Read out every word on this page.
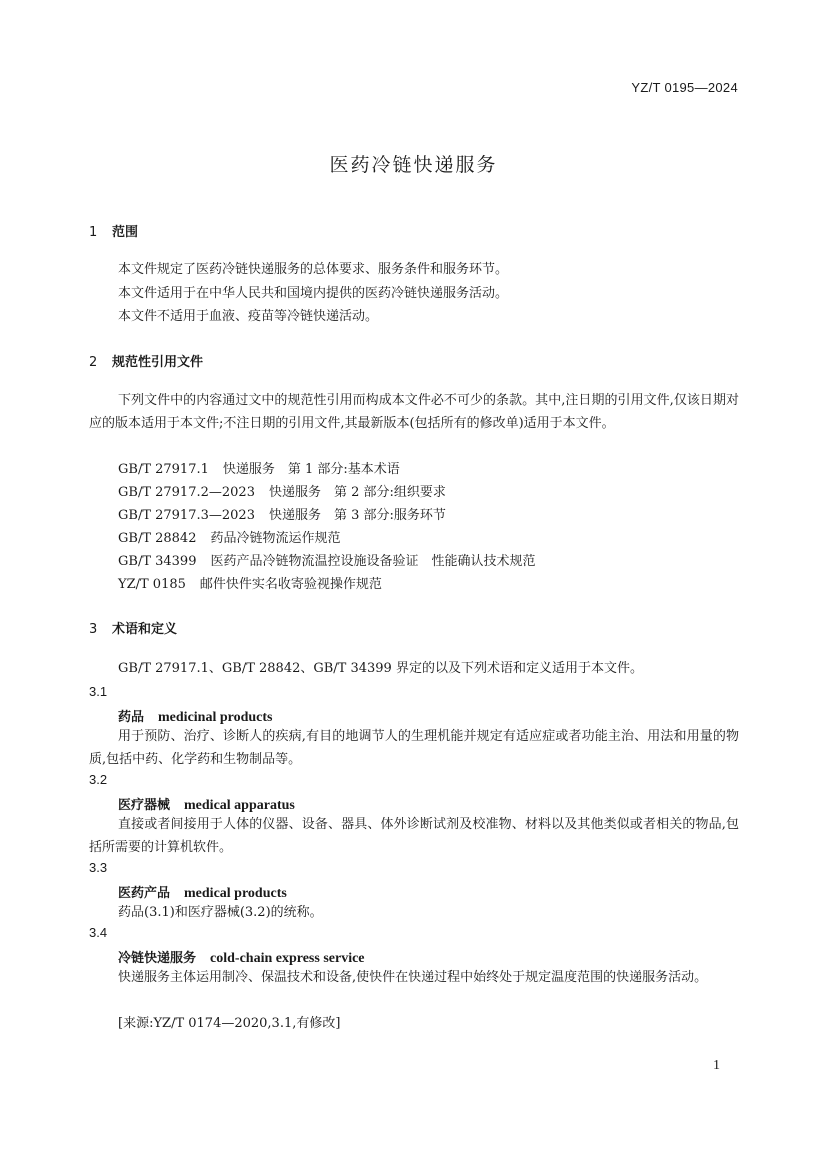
YZ/T 0195—2024
医药冷链快递服务
1 范围
本文件规定了医药冷链快递服务的总体要求、服务条件和服务环节。
本文件适用于在中华人民共和国境内提供的医药冷链快递服务活动。
本文件不适用于血液、疫苗等冷链快递活动。
2 规范性引用文件
下列文件中的内容通过文中的规范性引用而构成本文件必不可少的条款。其中,注日期的引用文件,仅该日期对应的版本适用于本文件;不注日期的引用文件,其最新版本(包括所有的修改单)适用于本文件。
GB/T 27917.1 快递服务　第 1 部分:基本术语
GB/T 27917.2—2023 快递服务　第 2 部分:组织要求
GB/T 27917.3—2023 快递服务　第 3 部分:服务环节
GB/T 28842 药品冷链物流运作规范
GB/T 34399 医药产品冷链物流温控设施设备验证　性能确认技术规范
YZ/T 0185 邮件快件实名收寄验视操作规范
3 术语和定义
GB/T 27917.1、GB/T 28842、GB/T 34399 界定的以及下列术语和定义适用于本文件。
3.1
药品 medicinal products
用于预防、治疗、诊断人的疾病,有目的地调节人的生理机能并规定有适应症或者功能主治、用法和用量的物质,包括中药、化学药和生物制品等。
3.2
医疗器械 medical apparatus
直接或者间接用于人体的仪器、设备、器具、体外诊断试剂及校准物、材料以及其他类似或者相关的物品,包括所需要的计算机软件。
3.3
医药产品 medical products
药品(3.1)和医疗器械(3.2)的统称。
3.4
冷链快递服务 cold-chain express service
快递服务主体运用制冷、保温技术和设备,使快件在快递过程中始终处于规定温度范围的快递服务活动。
[来源:YZ/T 0174—2020,3.1,有修改]
1
